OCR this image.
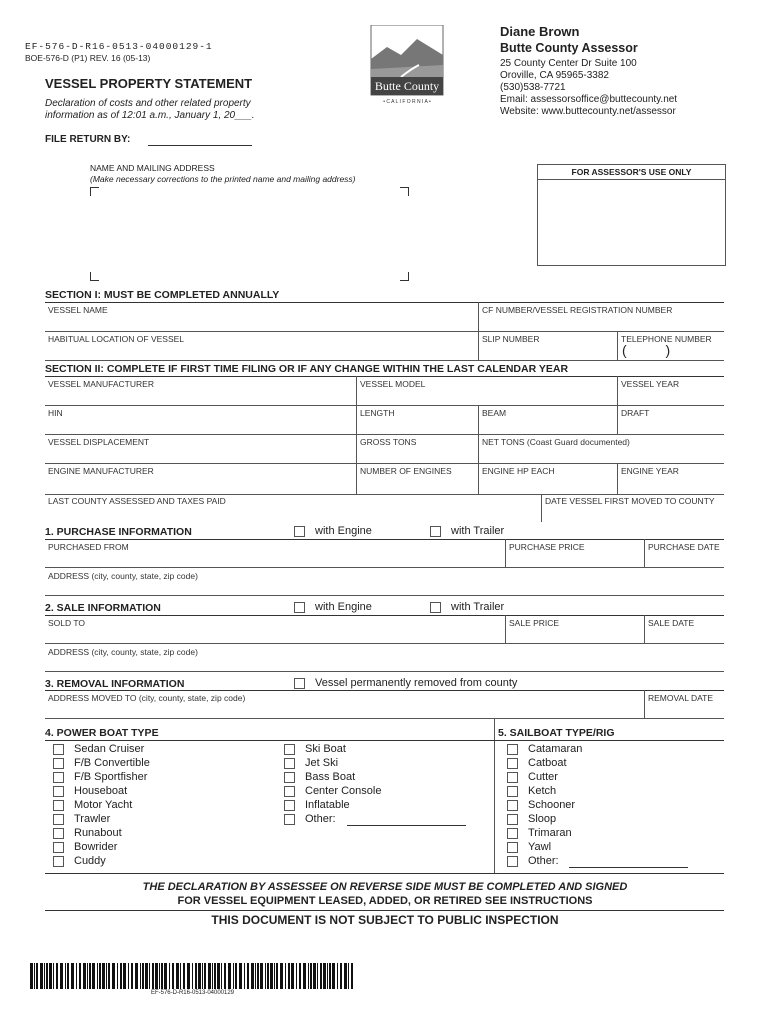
EF-576-D-R16-0513-04000129-1
BOE-576-D (P1) REV. 16 (05-13)
VESSEL PROPERTY STATEMENT
Declaration of costs and other related property
information as of 12:01 a.m., January 1, 20___.
FILE RETURN BY:
Butte County
• C A L I F O R N I A •
Diane Brown
Butte County Assessor
25 County Center Dr Suite 100
Oroville, CA 95965-3382
(530)538-7721
Email: assessorsoffice@buttecounty.net
Website: www.buttecounty.net/assessor
NAME AND MAILING ADDRESS
(Make necessary corrections to the printed name and mailing address)
FOR ASSESSOR'S USE ONLY
SECTION I: MUST BE COMPLETED ANNUALLY
VESSEL NAME	CF NUMBER/VESSEL REGISTRATION NUMBER
HABITUAL LOCATION OF VESSEL	SLIP NUMBER	TELEPHONE NUMBER
(          )
SECTION II: COMPLETE IF FIRST TIME FILING OR IF ANY CHANGE WITHIN THE LAST CALENDAR YEAR
VESSEL MANUFACTURER	VESSEL MODEL	VESSEL YEAR
HIN	LENGTH	BEAM	DRAFT
VESSEL DISPLACEMENT	GROSS TONS	NET TONS (Coast Guard documented)
ENGINE MANUFACTURER	NUMBER OF ENGINES	ENGINE HP EACH	ENGINE YEAR
LAST COUNTY ASSESSED AND TAXES PAID	DATE VESSEL FIRST MOVED TO COUNTY
1. PURCHASE INFORMATION	with Engine	with Trailer
PURCHASED FROM	PURCHASE PRICE	PURCHASE DATE
ADDRESS (city, county, state, zip code)
2. SALE INFORMATION	with Engine	with Trailer
SOLD TO	SALE PRICE	SALE DATE
ADDRESS (city, county, state, zip code)
3. REMOVAL INFORMATION	Vessel permanently removed from county
ADDRESS MOVED TO (city, county, state, zip code)	REMOVAL DATE
4. POWER BOAT TYPE	5. SAILBOAT TYPE/RIG
Sedan Cruiser
F/B Convertible
F/B Sportfisher
Houseboat
Motor Yacht
Trawler
Runabout
Bowrider
Cuddy
Ski Boat
Jet Ski
Bass Boat
Center Console
Inflatable
Other:
Catamaran
Catboat
Cutter
Ketch
Schooner
Sloop
Trimaran
Yawl
Other:
THE DECLARATION BY ASSESSEE ON REVERSE SIDE MUST BE COMPLETED AND SIGNED
FOR VESSEL EQUIPMENT LEASED, ADDED, OR RETIRED SEE INSTRUCTIONS
THIS DOCUMENT IS NOT SUBJECT TO PUBLIC INSPECTION
EF-576-D-R16-0513-04000129
